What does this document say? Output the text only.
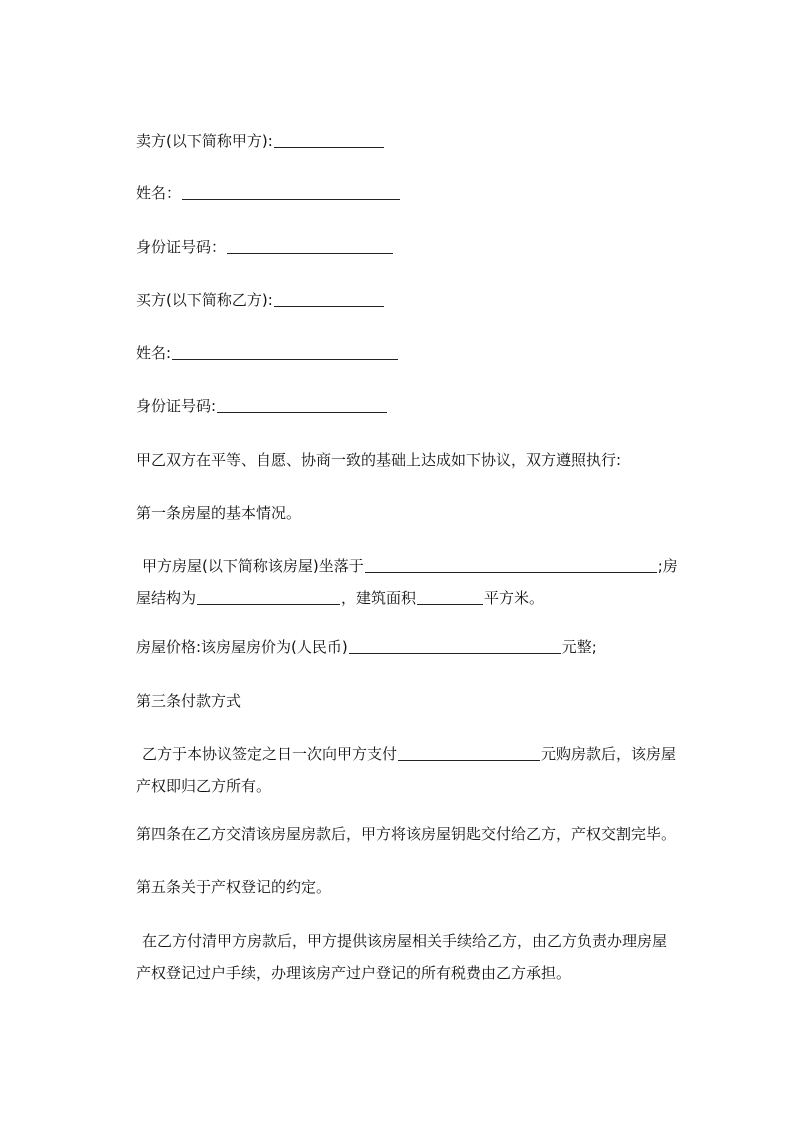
卖方(以下简称甲方):
姓名：
身份证号码：
买方(以下简称乙方):
姓名:
身份证号码:
甲乙双方在平等、自愿、协商一致的基础上达成如下协议，双方遵照执行:
第一条房屋的基本情况。
甲方房屋(以下简称该房屋)坐落于	;房
屋结构为	，建筑面积	平方米。
房屋价格:该房屋房价为(人民币)	元整;
第三条付款方式
乙方于本协议签定之日一次向甲方支付	元购房款后，该房屋
产权即归乙方所有。
第四条在乙方交清该房屋房款后，甲方将该房屋钥匙交付给乙方，产权交割完毕。
第五条关于产权登记的约定。
在乙方付清甲方房款后，甲方提供该房屋相关手续给乙方，由乙方负责办理房屋
产权登记过户手续，办理该房产过户登记的所有税费由乙方承担。
